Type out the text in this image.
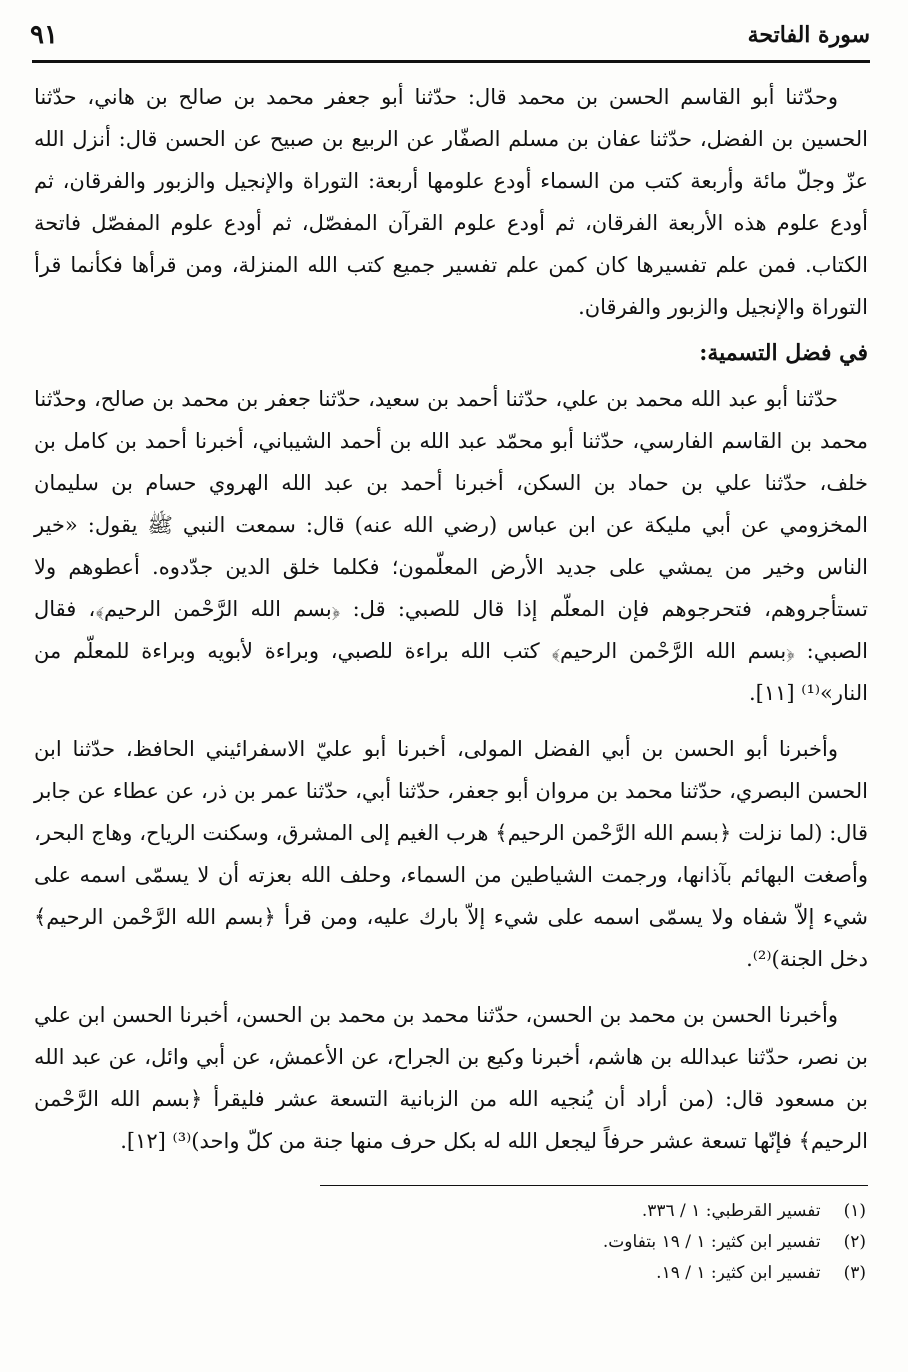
سورة الفاتحة
٩١

وحدّثنا أبو القاسم الحسن بن محمد قال: حدّثنا أبو جعفر محمد بن صالح بن هاني، حدّثنا الحسين بن الفضل، حدّثنا عفان بن مسلم الصفّار عن الربيع بن صبيح عن الحسن قال: أنزل الله عزّ وجلّ مائة وأربعة كتب من السماء أودع علومها أربعة: التوراة والإنجيل والزبور والفرقان، ثم أودع علوم هذه الأربعة الفرقان، ثم أودع علوم القرآن المفصّل، ثم أودع علوم المفصّل فاتحة الكتاب. فمن علم تفسيرها كان كمن علم تفسير جميع كتب الله المنزلة، ومن قرأها فكأنما قرأ التوراة والإنجيل والزبور والفرقان.

في فضل التسمية:

حدّثنا أبو عبد الله محمد بن علي، حدّثنا أحمد بن سعيد، حدّثنا جعفر بن محمد بن صالح، وحدّثنا محمد بن القاسم الفارسي، حدّثنا أبو محمّد عبد الله بن أحمد الشيباني، أخبرنا أحمد بن كامل بن خلف، حدّثنا علي بن حماد بن السكن، أخبرنا أحمد بن عبد الله الهروي حسام بن سليمان المخزومي عن أبي مليكة عن ابن عباس (رضي الله عنه) قال: سمعت النبي ﷺ يقول: «خير الناس وخير من يمشي على جديد الأرض المعلّمون؛ فكلما خلق الدين جدّدوه. أعطوهم ولا تستأجروهم، فتحرجوهم فإن المعلّم إذا قال للصبي: قل: ﴿بسم الله الرَّحْمن الرحيم﴾، فقال الصبي: ﴿بسم الله الرَّحْمن الرحيم﴾ كتب الله براءة للصبي، وبراءة لأبويه وبراءة للمعلّم من النار»⁽¹⁾ [١١].

وأخبرنا أبو الحسن بن أبي الفضل المولى، أخبرنا أبو عليّ الاسفرائيني الحافظ، حدّثنا ابن الحسن البصري، حدّثنا محمد بن مروان أبو جعفر، حدّثنا أبي، حدّثنا عمر بن ذر، عن عطاء عن جابر قال: (لما نزلت ﴿بسم الله الرَّحْمن الرحيم﴾ هرب الغيم إلى المشرق، وسكنت الرياح، وهاج البحر، وأصغت البهائم بآذانها، ورجمت الشياطين من السماء، وحلف الله بعزته أن لا يسمّى اسمه على شيء إلاّ شفاه ولا يسمّى اسمه على شيء إلاّ بارك عليه، ومن قرأ ﴿بسم الله الرَّحْمن الرحيم﴾ دخل الجنة)⁽²⁾.

وأخبرنا الحسن بن محمد بن الحسن، حدّثنا محمد بن محمد بن الحسن، أخبرنا الحسن ابن علي بن نصر، حدّثنا عبدالله بن هاشم، أخبرنا وكيع بن الجراح، عن الأعمش، عن أبي وائل، عن عبد الله بن مسعود قال: (من أراد أن يُنجيه الله من الزبانية التسعة عشر فليقرأ ﴿بسم الله الرَّحْمن الرحيم﴾ فإنّها تسعة عشر حرفاً ليجعل الله له بكل حرف منها جنة من كلّ واحد)⁽³⁾ [١٢].

(١) تفسير القرطبي: ١ / ٣٣٦.
(٢) تفسير ابن كثير: ١ / ١٩ بتفاوت.
(٣) تفسير ابن كثير: ١ / ١٩.
